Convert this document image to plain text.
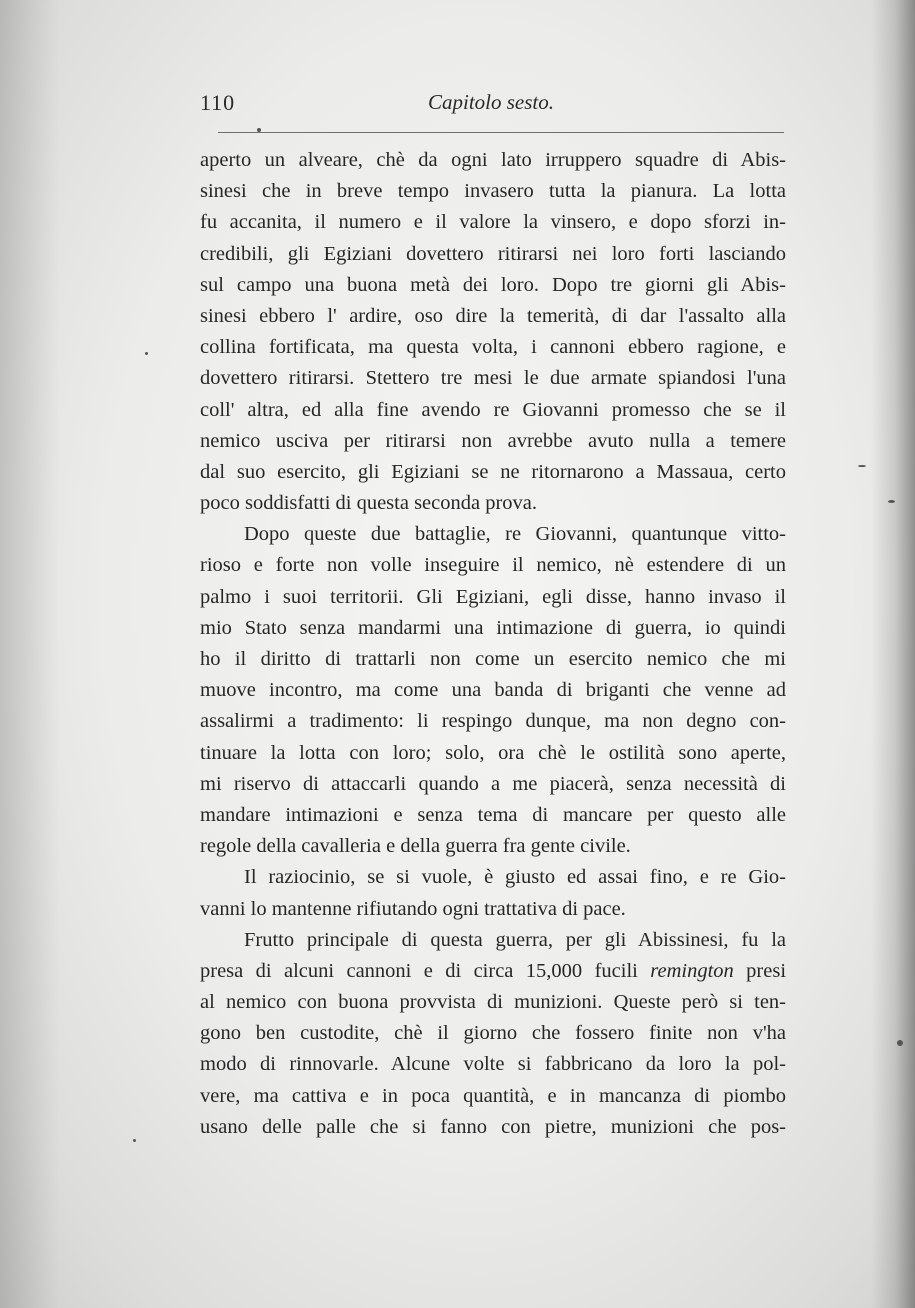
110	Capitolo sesto.
aperto un alveare, chè da ogni lato irruppero squadre di Abis-
sinesi che in breve tempo invasero tutta la pianura. La lotta
fu accanita, il numero e il valore la vinsero, e dopo sforzi in-
credibili, gli Egiziani dovettero ritirarsi nei loro forti lasciando
sul campo una buona metà dei loro. Dopo tre giorni gli Abis-
sinesi ebbero l' ardire, oso dire la temerità, di dar l'assalto alla
collina fortificata, ma questa volta, i cannoni ebbero ragione, e
dovettero ritirarsi. Stettero tre mesi le due armate spiandosi l'una
coll' altra, ed alla fine avendo re Giovanni promesso che se il
nemico usciva per ritirarsi non avrebbe avuto nulla a temere
dal suo esercito, gli Egiziani se ne ritornarono a Massaua, certo
poco soddisfatti di questa seconda prova.
Dopo queste due battaglie, re Giovanni, quantunque vitto-
rioso e forte non volle inseguire il nemico, nè estendere di un
palmo i suoi territorii. Gli Egiziani, egli disse, hanno invaso il
mio Stato senza mandarmi una intimazione di guerra, io quindi
ho il diritto di trattarli non come un esercito nemico che mi
muove incontro, ma come una banda di briganti che venne ad
assalirmi a tradimento: li respingo dunque, ma non degno con-
tinuare la lotta con loro; solo, ora chè le ostilità sono aperte,
mi riservo di attaccarli quando a me piacerà, senza necessità di
mandare intimazioni e senza tema di mancare per questo alle
regole della cavalleria e della guerra fra gente civile.
Il raziocinio, se si vuole, è giusto ed assai fino, e re Gio-
vanni lo mantenne rifiutando ogni trattativa di pace.
Frutto principale di questa guerra, per gli Abissinesi, fu la
presa di alcuni cannoni e di circa 15,000 fucili remington presi
al nemico con buona provvista di munizioni. Queste però si ten-
gono ben custodite, chè il giorno che fossero finite non v'ha
modo di rinnovarle. Alcune volte si fabbricano da loro la pol-
vere, ma cattiva e in poca quantità, e in mancanza di piombo
usano delle palle che si fanno con pietre, munizioni che pos-
